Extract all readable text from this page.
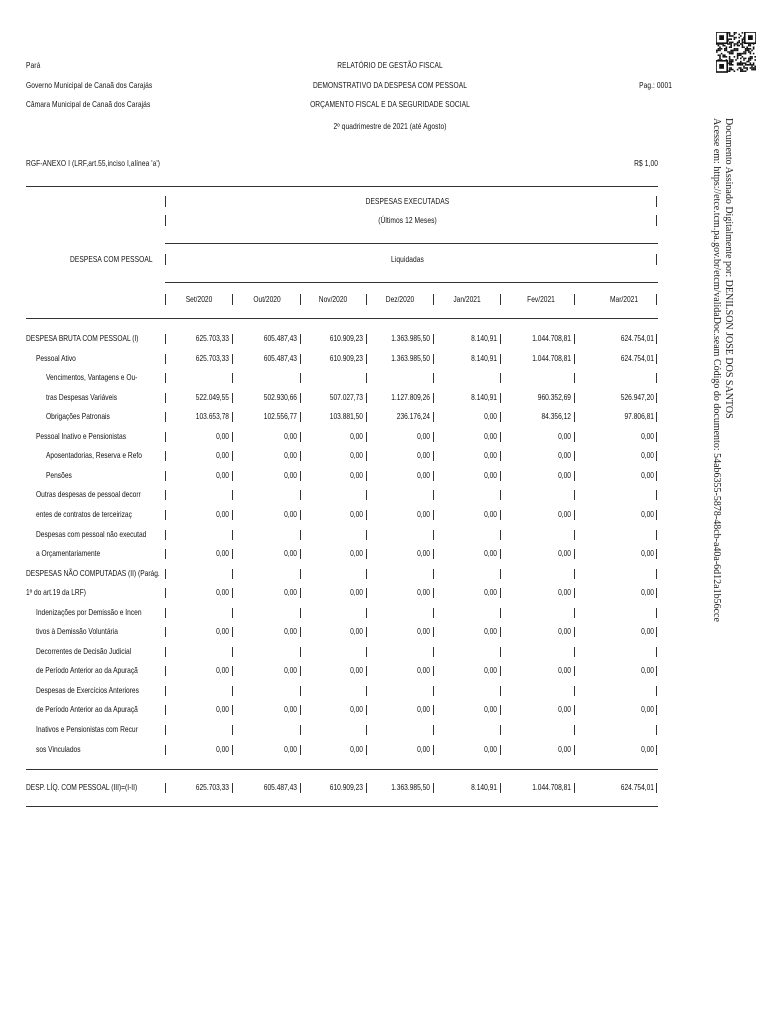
Pará
Governo Municipal de Canaã dos Carajás
Câmara Municipal de Canaã dos Carajás
RELATÓRIO DE GESTÃO FISCAL
DEMONSTRATIVO DA DESPESA COM PESSOAL
ORÇAMENTO FISCAL E DA SEGURIDADE SOCIAL
2º quadrimestre de 2021 (até Agosto)
Pag.: 0001
RGF-ANEXO I (LRF,art.55,inciso I,alínea 'a')	R$ 1,00	Documento Assinado Digitalmente por: DENILSON JOSE DOS SANTOS
Acesse em: https://etce.tcm.pa.gov.br/etcm/validaDoc.seam Código do documento: 54ab6355-5878-48cb-a40a-6d12a1b56cce
DESPESAS EXECUTADAS
(Últimos 12 Meses)
DESPESA COM PESSOAL	Liquidadas
Set/2020	Out/2020	Nov/2020	Dez/2020	Jan/2021	Fev/2021	Mar/2021
DESPESA BRUTA COM PESSOAL (I)	625.703,33	605.487,43	610.909,23	1.363.985,50	8.140,91	1.044.708,81	624.754,01
Pessoal Ativo	625.703,33	605.487,43	610.909,23	1.363.985,50	8.140,91	1.044.708,81	624.754,01
Vencimentos, Vantagens e Ou-
tras Despesas Variáveis	522.049,55	502.930,66	507.027,73	1.127.809,26	8.140,91	960.352,69	526.947,20
Obrigações Patronais	103.653,78	102.556,77	103.881,50	236.176,24	0,00	84.356,12	97.806,81
Pessoal Inativo e Pensionistas	0,00	0,00	0,00	0,00	0,00	0,00	0,00
Aposentadorias, Reserva e Refo	0,00	0,00	0,00	0,00	0,00	0,00	0,00
Pensões	0,00	0,00	0,00	0,00	0,00	0,00	0,00
Outras despesas de pessoal decorr
entes de contratos de terceirizaç	0,00	0,00	0,00	0,00	0,00	0,00	0,00
Despesas com pessoal não executad
a Orçamentariamente	0,00	0,00	0,00	0,00	0,00	0,00	0,00
DESPESAS NÃO COMPUTADAS (II) (Parág.
1º do art.19 da LRF)	0,00	0,00	0,00	0,00	0,00	0,00	0,00
Indenizações por Demissão e Incen
tivos à Demissão Voluntária	0,00	0,00	0,00	0,00	0,00	0,00	0,00
Decorrentes de Decisão Judicial
de Período Anterior ao da Apuraçã	0,00	0,00	0,00	0,00	0,00	0,00	0,00
Despesas de Exercícios Anteriores
de Período Anterior ao da Apuraçã	0,00	0,00	0,00	0,00	0,00	0,00	0,00
Inativos e Pensionistas com Recur
sos Vinculados	0,00	0,00	0,00	0,00	0,00	0,00	0,00
DESP. LÍQ. COM PESSOAL (III)=(I-II)	625.703,33	605.487,43	610.909,23	1.363.985,50	8.140,91	1.044.708,81	624.754,01
